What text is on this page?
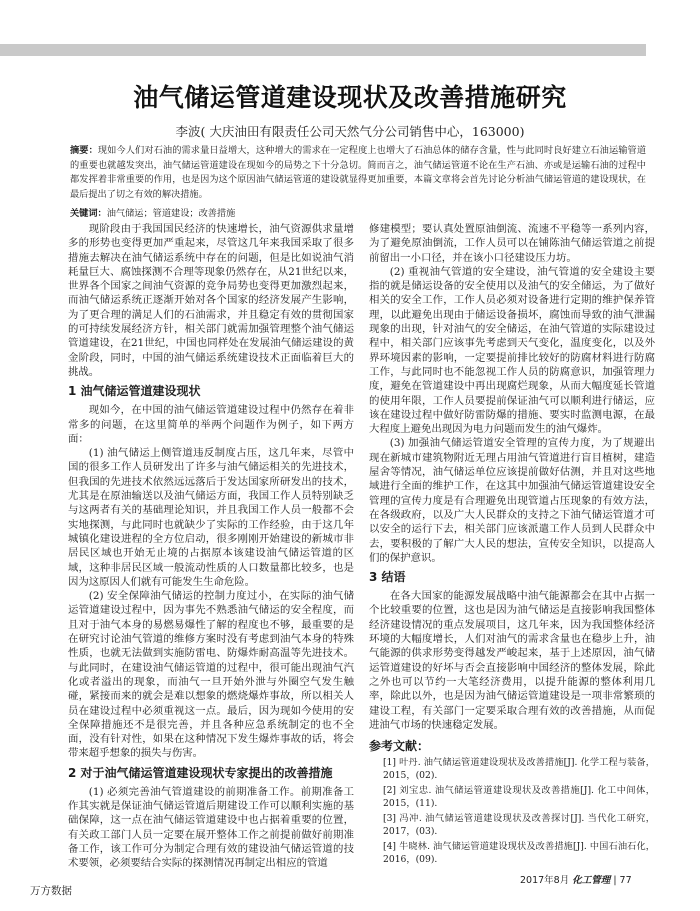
油气储运管道建设现状及改善措施研究
李波( 大庆油田有限责任公司天然气分公司销售中心，163000)
摘要：现如今人们对石油的需求量日益增大，这种增大的需求在一定程度上也增大了石油总体的储存含量，性与此同时良好建立石油运输管道的重要也就越发突出，油气储运管道建设在现如今的局势之下十分急切。简而言之，油气储运管道不论在生产石油、亦或是运输石油的过程中都发挥着非常重要的作用，也是因为这个原因油气储运管道的建设就显得更加重要，本篇文章将会首先讨论分析油气储运管道的建设现状，在最后提出了切之有效的解决措施。
关键词：油气储运；管道建设；改善措施

现阶段由于我国国民经济的快速增长，油气资源供求量增多的形势也变得更加严重起来，尽管这几年来我国采取了很多措施去解决在油气储运系统中存在的问题，但是比如说油气消耗量巨大、腐蚀探测不合理等现象仍然存在，从21世纪以来，世界各个国家之间油气资源的竞争局势也变得更加激烈起来，而油气储运系统正逐渐开始对各个国家的经济发展产生影响，为了更合理的满足人们的石油需求，并且稳定有效的贯彻国家的可持续发展经济方针，相关部门就需加强管理整个油气储运管道建设，在21世纪，中国也同样处在发展油气储运建设的黄金阶段，同时，中国的油气储运系统建设技术正面临着巨大的挑战。

1 油气储运管道建设现状

现如今，在中国的油气储运管道建设过程中仍然存在着非常多的问题，在这里简单的举两个问题作为例子，如下两方面：

(1) 油气储运上侧管道违反制度占压，这几年来，尽管中国的很多工作人员研发出了许多与油气储运相关的先进技术，但我国的先进技术依然远远落后于发达国家所研发出的技术，尤其是在原油输送以及油气储运方面，我国工作人员特别缺乏与这两者有关的基础理论知识，并且我国工作人员一般都不会实地探测，与此同时也就缺少了实际的工作经验，由于这几年城镇化建设进程的全方位启动，很多刚刚开始建设的新城市非居民区域也开始无止境的占据原本该建设油气储运管道的区域，这种非居民区域一般流动性质的人口数量都比较多，也是因为这原因人们就有可能发生生命危险。

(2) 安全保障油气储运的控制力度过小，在实际的油气储运管道建设过程中，因为事先不熟悉油气储运的安全程度，而且对于油气本身的易燃易爆性了解的程度也不够，最重要的是在研究讨论油气管道的维修方案时没有考虑到油气本身的特殊性质，也就无法做到实施防雷电、防爆炸耐高温等先进技术。与此同时，在建设油气储运管道的过程中，很可能出现油气汽化或者溢出的现象，而油气一旦开始外泄与外圈空气发生触碰，紧接而来的就会是难以想象的燃烧爆炸事故，所以相关人员在建设过程中必须重视这一点。最后，因为现如今使用的安全保障措施还不是很完善，并且各种应急系统制定的也不全面，没有针对性，如果在这种情况下发生爆炸事故的话，将会带来超乎想象的损失与伤害。

2 对于油气储运管道建设现状专家提出的改善措施

(1) 必须完善油气管道建设的前期准备工作。前期准备工作其实就是保证油气储运管道后期建设工作可以顺利实施的基础保障，这一点在油气储运管道建设中也占据着重要的位置，有关政工部门人员一定要在展开整体工作之前提前做好前期准备工作，该工作可分为制定合理有效的建设油气储运管道的技术要领，必须要结合实际的探测情况再制定出相应的管道

修建模型；要认真处置原油倒流、流速不平稳等一系列内容，为了避免原油倒流，工作人员可以在铺陈油气储运管道之前提前留出一小口径，并在该小口径建设压力坊。

(2) 重视油气管道的安全建设，油气管道的安全建设主要指的就是储运设备的安全使用以及油气的安全储运，为了做好相关的安全工作，工作人员必须对设备进行定期的维护保养管理，以此避免出现由于储运设备损坏，腐蚀而导致的油气泄漏现象的出现，针对油气的安全储运，在油气管道的实际建设过程中，相关部门应该事先考虑到天气变化，温度变化，以及外界环境因素的影响，一定要提前排比较好的防腐材料进行防腐工作，与此同时也不能忽视工作人员的防腐意识，加强管理力度，避免在管道建设中再出现腐烂现象，从而大幅度延长管道的使用年限，工作人员要提前保证油气可以顺利进行储运，应该在建设过程中做好防雷防爆的措施、要实时监测电源，在最大程度上避免出现因为电力问题而发生的油气爆炸。

(3) 加强油气储运管道安全管理的宣传力度，为了规避出现在新城市建筑物附近无理占用油气管道进行盲目植树，建造屋舍等情况，油气储运单位应该提前做好估测，并且对这些地域进行全面的维护工作，在这其中加强油气储运管道建设安全管理的宣传力度是有合理避免出现管道占压现象的有效方法，在各级政府，以及广大人民群众的支持之下油气储运管道才可以安全的运行下去，相关部门应该派遣工作人员到人民群众中去，要积极的了解广大人民的想法，宣传安全知识，以提高人们的保护意识。

3 结语

在各大国家的能源发展战略中油气能源都会在其中占据一个比较重要的位置，这也是因为油气储运是直接影响我国整体经济建设情况的重点发展项目，这几年来，因为我国整体经济环境的大幅度增长，人们对油气的需求含量也在稳步上升，油气能源的供求形势变得越发严峻起来，基于上述原因，油气储运管道建设的好坏与否会直接影响中国经济的整体发展，除此之外也可以节约一大笔经济费用，以提升能源的整体利用几率，除此以外，也是因为油气储运管道建设是一项非常繁琐的建设工程，有关部门一定要采取合理有效的改善措施，从而促进油气市场的快速稳定发展。

参考文献：
[1] 叶丹. 油气储运管道建设现状及改善措施[J]. 化学工程与装备，2015，(02).
[2] 刘宝忠. 油气储运管道建设现状及改善措施[J]. 化工中间体，2015，(11).
[3] 冯冲. 油气储运管道建设现状及改善探讨[J]. 当代化工研究，2017，(03).
[4] 牛晓林. 油气储运管道建设现状及改善措施[J]. 中国石油石化，2016，(09).
2017年8月 化工管理 | 77
万方数据
